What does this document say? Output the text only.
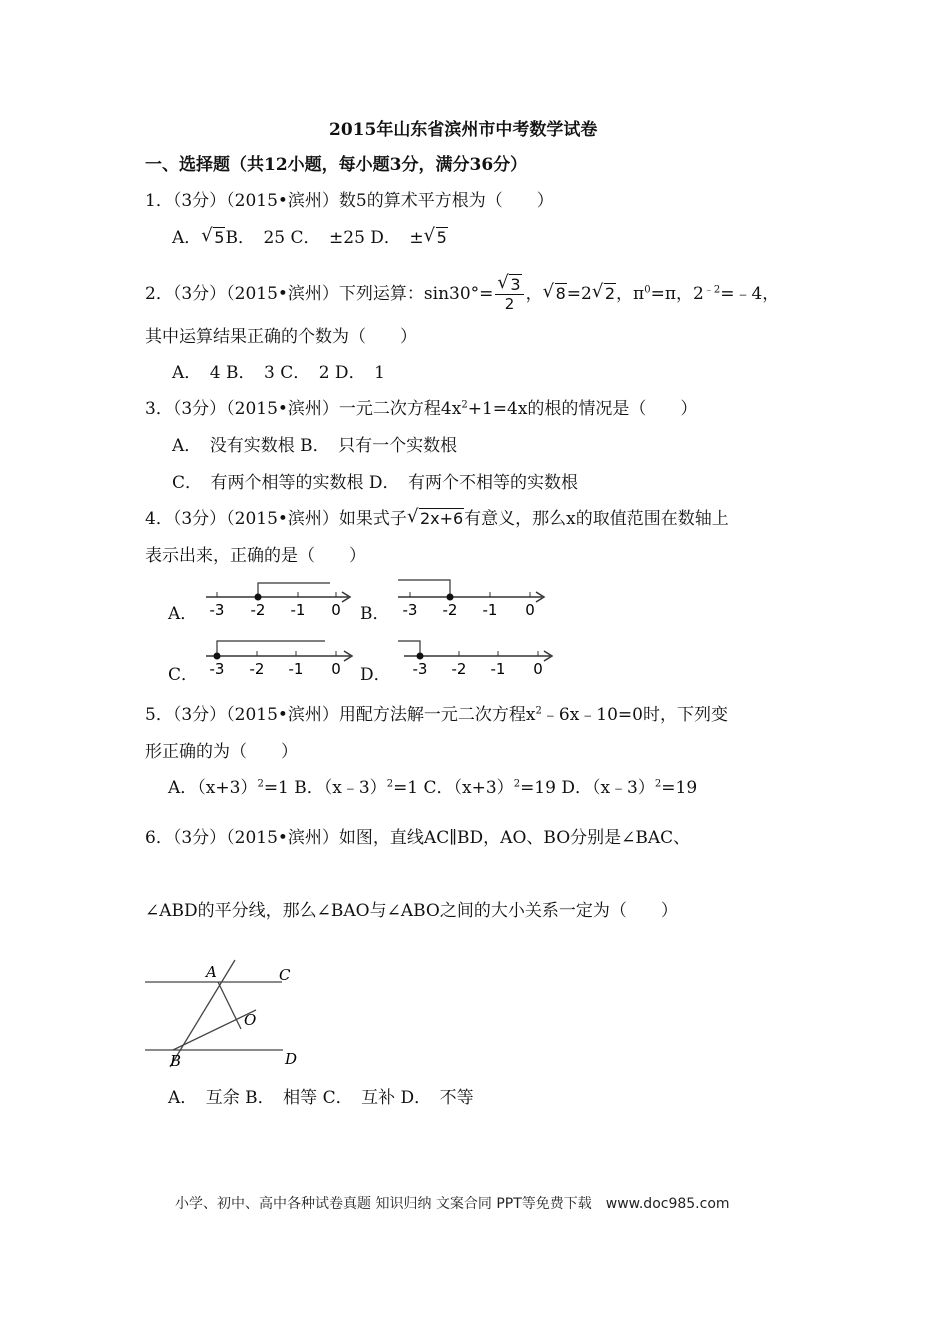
2015年山东省滨州市中考数学试卷
一、选择题（共12小题，每小题3分，满分36分）
1．（3分）（2015•滨州）数5的算术平方根为（　　）
A． √ 5B．　25 C．　±25 D．　± √ 5
2．（3分）（2015•滨州）下列运算：$\sin 30^\circ= \frac{√ 3}{2}$ ， √ 8=2 √ 2，$\pi^0=\pi$，$2^{﹣2}=﹣4$，
其中运算结果正确的个数为（　　）
A．　4 B．　3 C．　2 D．　1
3．（3分）（2015•滨州）一元二次方程$4x^2+1=4x$的根的情况是（　　）
A．　没有实数根 B．　只有一个实数根
C．　有两个相等的实数根 D．　有两个不相等的实数根
4．（3分）（2015•滨州）如果式子 √ 2x+6有意义，那么x的取值范围在数轴上
表示出来，正确的是（　　）
A． -3 -2 -1 0 B． -3 -2 -1 0
C． -3 -2 -1 0 D． -3 -2 -1 0
5．（3分）（2015•滨州）用配方法解一元二次方程$x^2﹣6x﹣10=0$时，下列变
形正确的为（　　）
A．$(x+3)^2=1$ B．（x﹣3）$^2$=1 C．$(x+3)^2=19$ D．（x﹣3）$^2$=19
6．（3分）（2015•滨州）如图，直线AC∥BD，AO、BO分别是∠BAC、
∠ABD的平分线，那么∠BAO与∠ABO之间的大小关系一定为（　　）
A	C
O
B	D
A．　互余 B．　相等 C．　互补 D．　不等
小学、初中、高中各种试卷真题 知识归纳 文案合同 PPT等免费下载　www.doc985.com
